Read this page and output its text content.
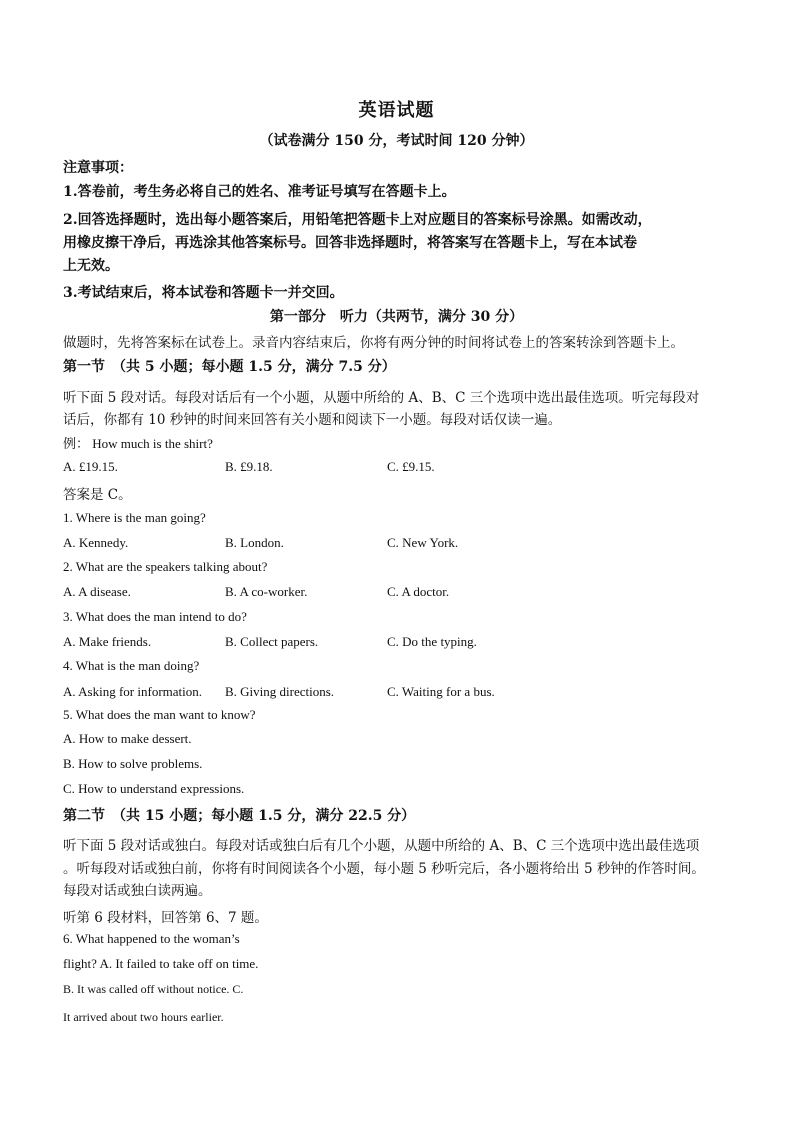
英语试题
（试卷满分 150 分，考试时间 120 分钟）
注意事项：
1.答卷前，考生务必将自己的姓名、准考证号填写在答题卡上。
2.回答选择题时，选出每小题答案后，用铅笔把答题卡上对应题目的答案标号涂黑。如需改动，
用橡皮擦干净后，再选涂其他答案标号。回答非选择题时，将答案写在答题卡上，写在本试卷
上无效。
3.考试结束后，将本试卷和答题卡一并交回。
第一部分　听力（共两节，满分 30 分）
做题时，先将答案标在试卷上。录音内容结束后，你将有两分钟的时间将试卷上的答案转涂到答题卡上。
第一节　（共 5 小题；每小题 1.5 分，满分 7.5 分）
听下面 5 段对话。每段对话后有一个小题，从题中所给的 A、B、C 三个选项中选出最佳选项。听完每段对
话后，你都有 10 秒钟的时间来回答有关小题和阅读下一小题。每段对话仅读一遍。
例： How much is the shirt?
A. £19.15.	B. £9.18.	C. £9.15.
答案是 C。
1. Where is the man going?
A. Kennedy.	B. London.	C. New York.
2. What are the speakers talking about?
A. A disease.	B. A co-worker.	C. A doctor.
3. What does the man intend to do?
A. Make friends.	B. Collect papers.	C. Do the typing.
4. What is the man doing?
A. Asking for information. B. Giving directions.	C. Waiting for a bus.
5. What does the man want to know?
A. How to make dessert.
B. How to solve problems.
C. How to understand expressions.
第二节　（共 15 小题；每小题 1.5 分，满分 22.5 分）
听下面 5 段对话或独白。每段对话或独白后有几个小题，从题中所给的 A、B、C 三个选项中选出最佳选项
。听每段对话或独白前，你将有时间阅读各个小题，每小题 5 秒听完后，各小题将给出 5 秒钟的作答时间。
每段对话或独白读两遍。
听第 6 段材料，回答第 6、7 题。
6. What happened to the woman’s
flight? A. It failed to take off on time.
B. It was called off without notice. C.
It arrived about two hours earlier.
